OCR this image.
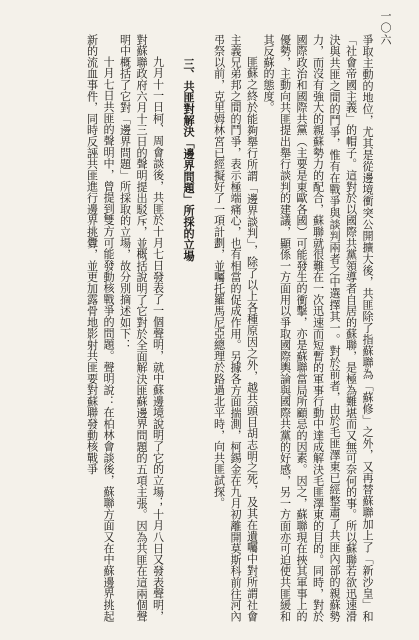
一〇六

爭取主動的地位，尤其是從邊境衝突公開擴大後，共匪除了指蘇聯為「蘇修」之外，又再替蘇聯加上了「新沙皇」和「社會帝國主義」的帽子。這對於以國際共黨領導者自居的蘇聯，是極為難堪而又無可奈何的事。所以蘇聯若欲迅速滑決與共匪之間的鬥爭，惟有在戰爭與談判兩者之中選擇其一。對於前者，由於毛匪澤東已經整肅了共匪內部的親蘇勢力，而沒有強大的親蘇勢力的配合，蘇聯就很難在一次迅速而短暫的軍事行動中達成解決毛匪澤東的目的。同時，對於國際政治和國際共黨（主要是東歐各國）可能發生的衝擊，亦是蘇聯當局所顧忌的因素。因之，蘇聯現在挾其軍事上的優勢，主動向共匪提出舉行談判的建議，顯係一方面用以爭取國際輿論與國際共黨的好感，另一方面亦可迫使共匪緩和其反蘇的態度。

匪蘇之終於能夠舉行所謂「邊界談判」，除了以上各種原因之外，越共頭目胡志明之死，及其在遺囑中對所謂社會主義兄弟邦之間的鬥爭，表示極端痛心，也有相當的促成作用。另據各方面揣測，柯錫金在九月初離開莫斯科前往河內弔祭以前，克里姆林宮已經擬好了一項計劃，並囑托羅馬尼亞總理於路過北平時，向共匪試探。

三、共匪對解決「邊界問題」所採的立場

九月十一日柯、周會談後，共匪於十月七日發表了一個聲明，就中蘇邊境說明了它的立場；十月八日又發表聲明，對蘇聯政府六月十三日的聲明提出駁斥，並概括說明了它對於全面解決匪蘇邊界問題的五項主張。因為共匪在這兩個聲明中概括了它對「邊界問題」所採取的立場，故分別摘述如下：

十月七日共匪的聲明中，曾提到雙方可能發動核戰爭的問題。聲明說：在柏林會談後，蘇聯方面又在中蘇邊界挑起新的流血事件，同時反誣共匪進行邊界挑釁，並更加露骨地影射共匪要對蘇聯發動核戰爭
